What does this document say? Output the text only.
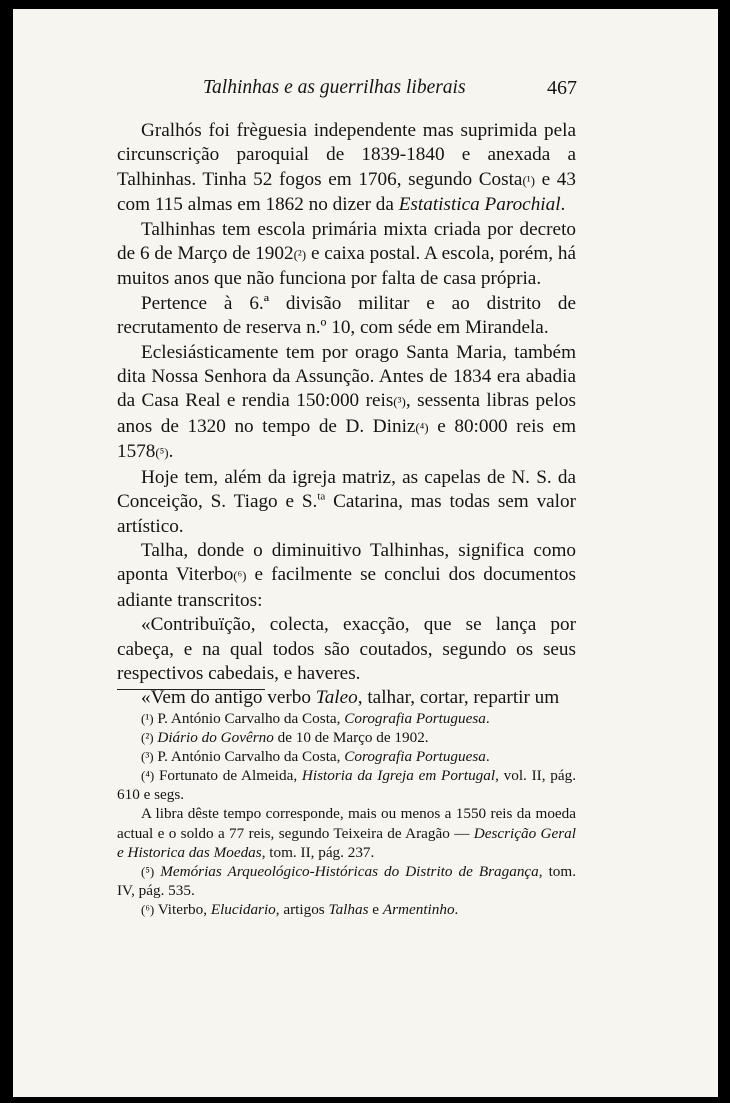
Talhinhas e as guerrilhas liberais	467

Gralhós foi frèguesia independente mas suprimida pela circunscrição paroquial de 1839-1840 e anexada a Talhinhas. Tinha 52 fogos em 1706, segundo Costa(¹) e 43 com 115 almas em 1862 no dizer da Estatistica Parochial.

Talhinhas tem escola primária mixta criada por decreto de 6 de Março de 1902(²) e caixa postal. A escola, porém, há muitos anos que não funciona por falta de casa própria.

Pertence à 6.ª divisão militar e ao distrito de recrutamento de reserva n.º 10, com séde em Mirandela.

Eclesiásticamente tem por orago Santa Maria, também dita Nossa Senhora da Assunção. Antes de 1834 era abadia da Casa Real e rendia 150:000 reis(³), sessenta libras pelos anos de 1320 no tempo de D. Diniz(⁴) e 80:000 reis em 1578(⁵).

Hoje tem, além da igreja matriz, as capelas de N. S. da Conceição, S. Tiago e S.$^{ta}$ Catarina, mas todas sem valor artístico.

Talha, donde o diminuitivo Talhinhas, significa como aponta Viterbo(⁶) e facilmente se conclui dos documentos adiante transcritos:

«Contribuïção, colecta, exacção, que se lança por cabeça, e na qual todos são coutados, segundo os seus respectivos cabedais, e haveres.

«Vem do antigo verbo Taleo, talhar, cortar, repartir um

(¹) P. António Carvalho da Costa, Corografia Portuguesa.

(²) Diário do Govêrno de 10 de Março de 1902.

(³) P. António Carvalho da Costa, Corografia Portuguesa.

(⁴) Fortunato de Almeida, Historia da Igreja em Portugal, vol. II, pág. 610 e segs.

A libra dêste tempo corresponde, mais ou menos a 1550 reis da moeda actual e o soldo a 77 reis, segundo Teixeira de Aragão — Descrição Geral e Historica das Moedas, tom. II, pág. 237.

(⁵) Memórias Arqueológico-Históricas do Distrito de Bragança, tom. IV, pág. 535.

(⁶) Viterbo, Elucidario, artigos Talhas e Armentinho.
